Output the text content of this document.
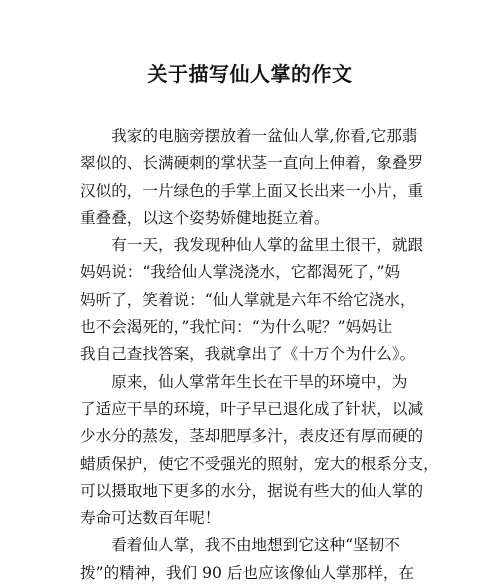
关于描写仙人掌的作文
　　我家的电脑旁摆放着一盆仙人掌,你看,它那翡
翠似的、长满硬刺的掌状茎一直向上伸着，象叠罗
汉似的，一片绿色的手掌上面又长出来一小片，重
重叠叠，以这个姿势娇健地挺立着。
　　有一天，我发现种仙人掌的盆里土很干，就跟
妈妈说：“我给仙人掌浇浇水，它都渴死了，”妈
妈听了，笑着说：“仙人掌就是六年不给它浇水，
也不会渴死的，”我忙问：“为什么呢？”妈妈让
我自己查找答案，我就拿出了《十万个为什么》。
　　原来，仙人掌常年生长在干旱的环境中，为
了适应干旱的环境，叶子早已退化成了针状，以减
少水分的蒸发，茎却肥厚多汁，表皮还有厚而硬的
蜡质保护，使它不受强光的照射，宠大的根系分支，
可以摄取地下更多的水分，据说有些大的仙人掌的
寿命可达数百年呢！
　　看着仙人掌，我不由地想到它这种“坚韧不
拨”的精神，我们 90 后也应该像仙人掌那样，在
